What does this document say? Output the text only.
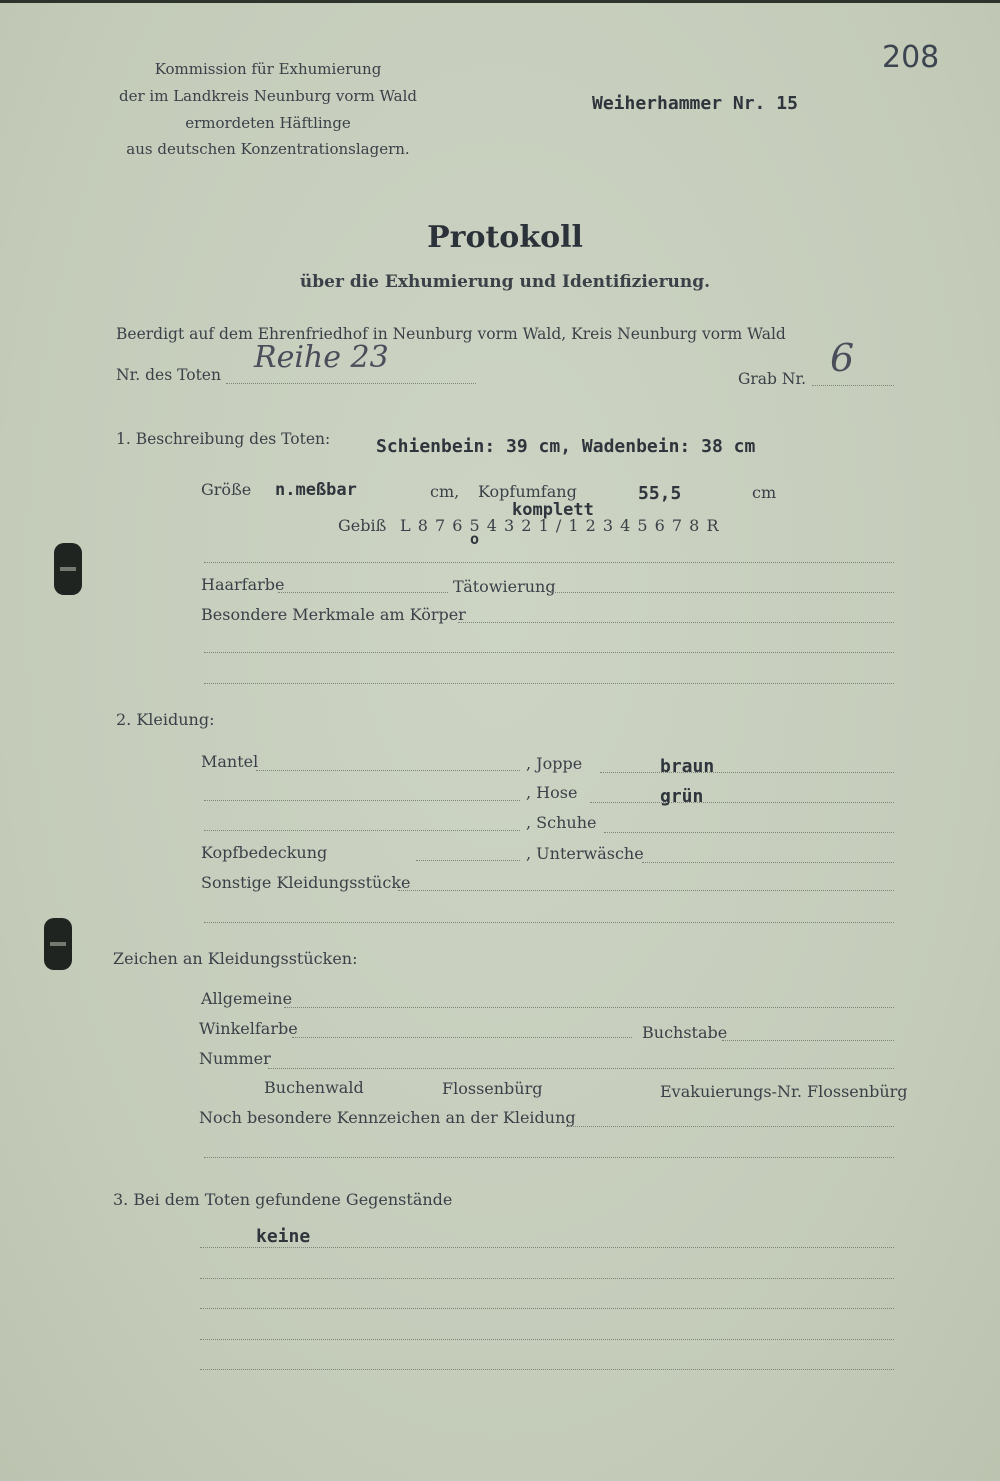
Kommission für Exhumierung
der im Landkreis Neunburg vorm Wald
ermordeten Häftlinge
aus deutschen Konzentrationslagern.
208
Weiherhammer Nr. 15
Protokoll
über die Exhumierung und Identifizierung.
Beerdigt auf dem Ehrenfriedhof in Neunburg vorm Wald, Kreis Neunburg vorm Wald
Nr. des Toten Reihe 23
Grab Nr. 6
1. Beschreibung des Toten:	Schienbein: 39 cm, Wadenbein: 38 cm
Größe n.meßbar	cm, Kopfumfang	55,5	cm
Gebiß L 8 7 6 5 4 3 2 1 / 1 2 3 4 5 6 7 8 R
komplett
o
Haarfarbe	Tätowierung
Besondere Merkmale am Körper
2. Kleidung:
Mantel	, Joppe	braun
, Hose	grün
, Schuhe
Kopfbedeckung	, Unterwäsche
Sonstige Kleidungsstücke
Zeichen an Kleidungsstücken:
Allgemeine
Winkelfarbe	Buchstabe
Nummer
Buchenwald	Flossenbürg	Evakuierungs-Nr. Flossenbürg
Noch besondere Kennzeichen an der Kleidung
3. Bei dem Toten gefundene Gegenstände
keine
